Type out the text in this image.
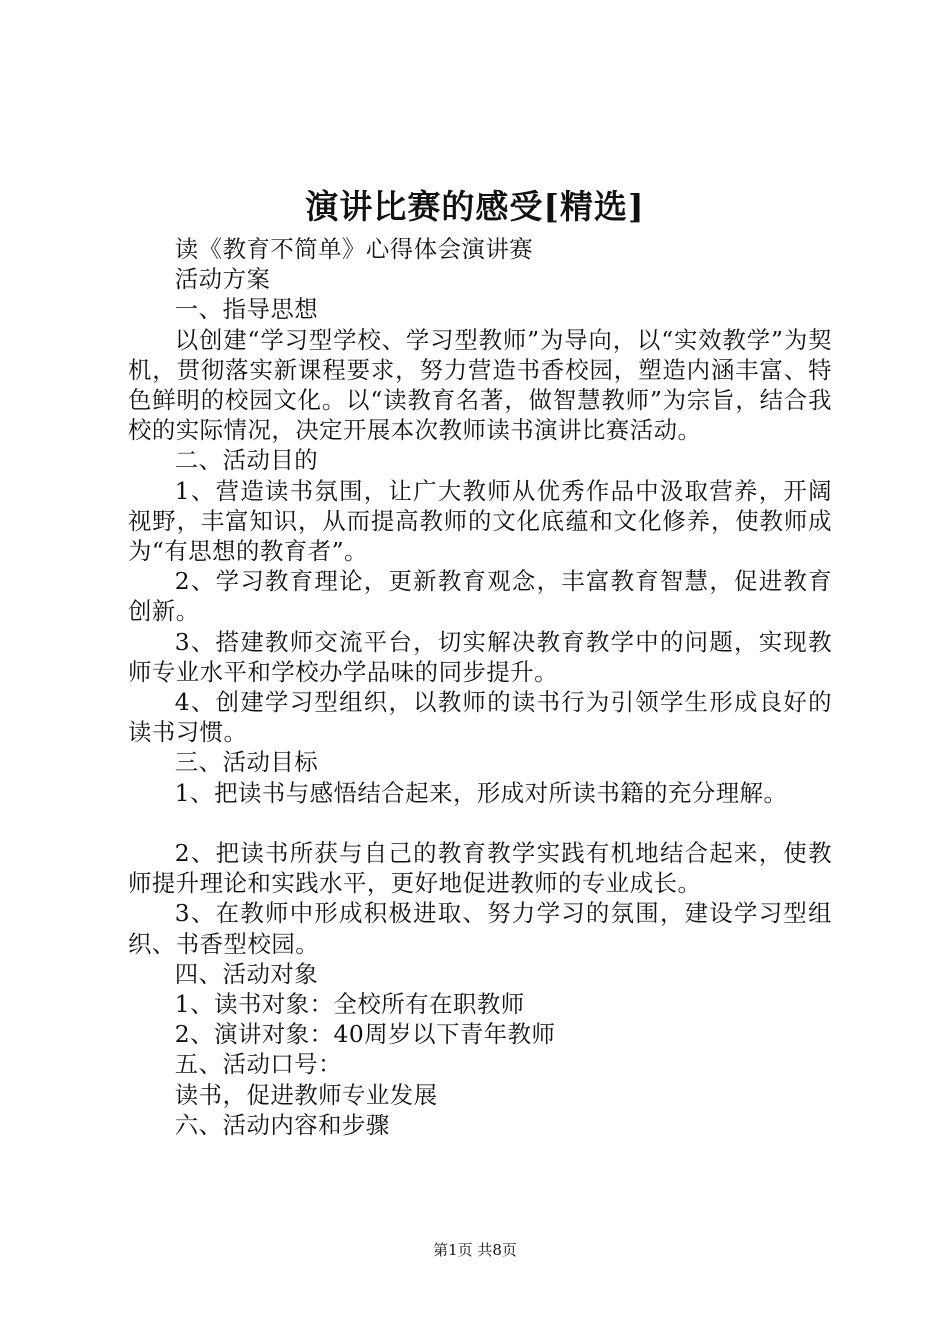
演讲比赛的感受[精选]

读《教育不简单》心得体会演讲赛

活动方案

一、指导思想

以创建“学习型学校、学习型教师”为导向，以“实效教学”为契机，贯彻落实新课程要求，努力营造书香校园，塑造内涵丰富、特色鲜明的校园文化。以“读教育名著，做智慧教师”为宗旨，结合我校的实际情况，决定开展本次教师读书演讲比赛活动。

二、活动目的

1、营造读书氛围，让广大教师从优秀作品中汲取营养，开阔视野，丰富知识，从而提高教师的文化底蕴和文化修养，使教师成为“有思想的教育者”。

2、学习教育理论，更新教育观念，丰富教育智慧，促进教育创新。

3、搭建教师交流平台，切实解决教育教学中的问题，实现教师专业水平和学校办学品味的同步提升。

4、创建学习型组织，以教师的读书行为引领学生形成良好的读书习惯。

三、活动目标

1、把读书与感悟结合起来，形成对所读书籍的充分理解。

2、把读书所获与自己的教育教学实践有机地结合起来，使教师提升理论和实践水平，更好地促进教师的专业成长。

3、在教师中形成积极进取、努力学习的氛围，建设学习型组织、书香型校园。

四、活动对象

1、读书对象：全校所有在职教师

2、演讲对象：40周岁以下青年教师

五、活动口号：

读书，促进教师专业发展

六、活动内容和步骤

第1页 共8页
